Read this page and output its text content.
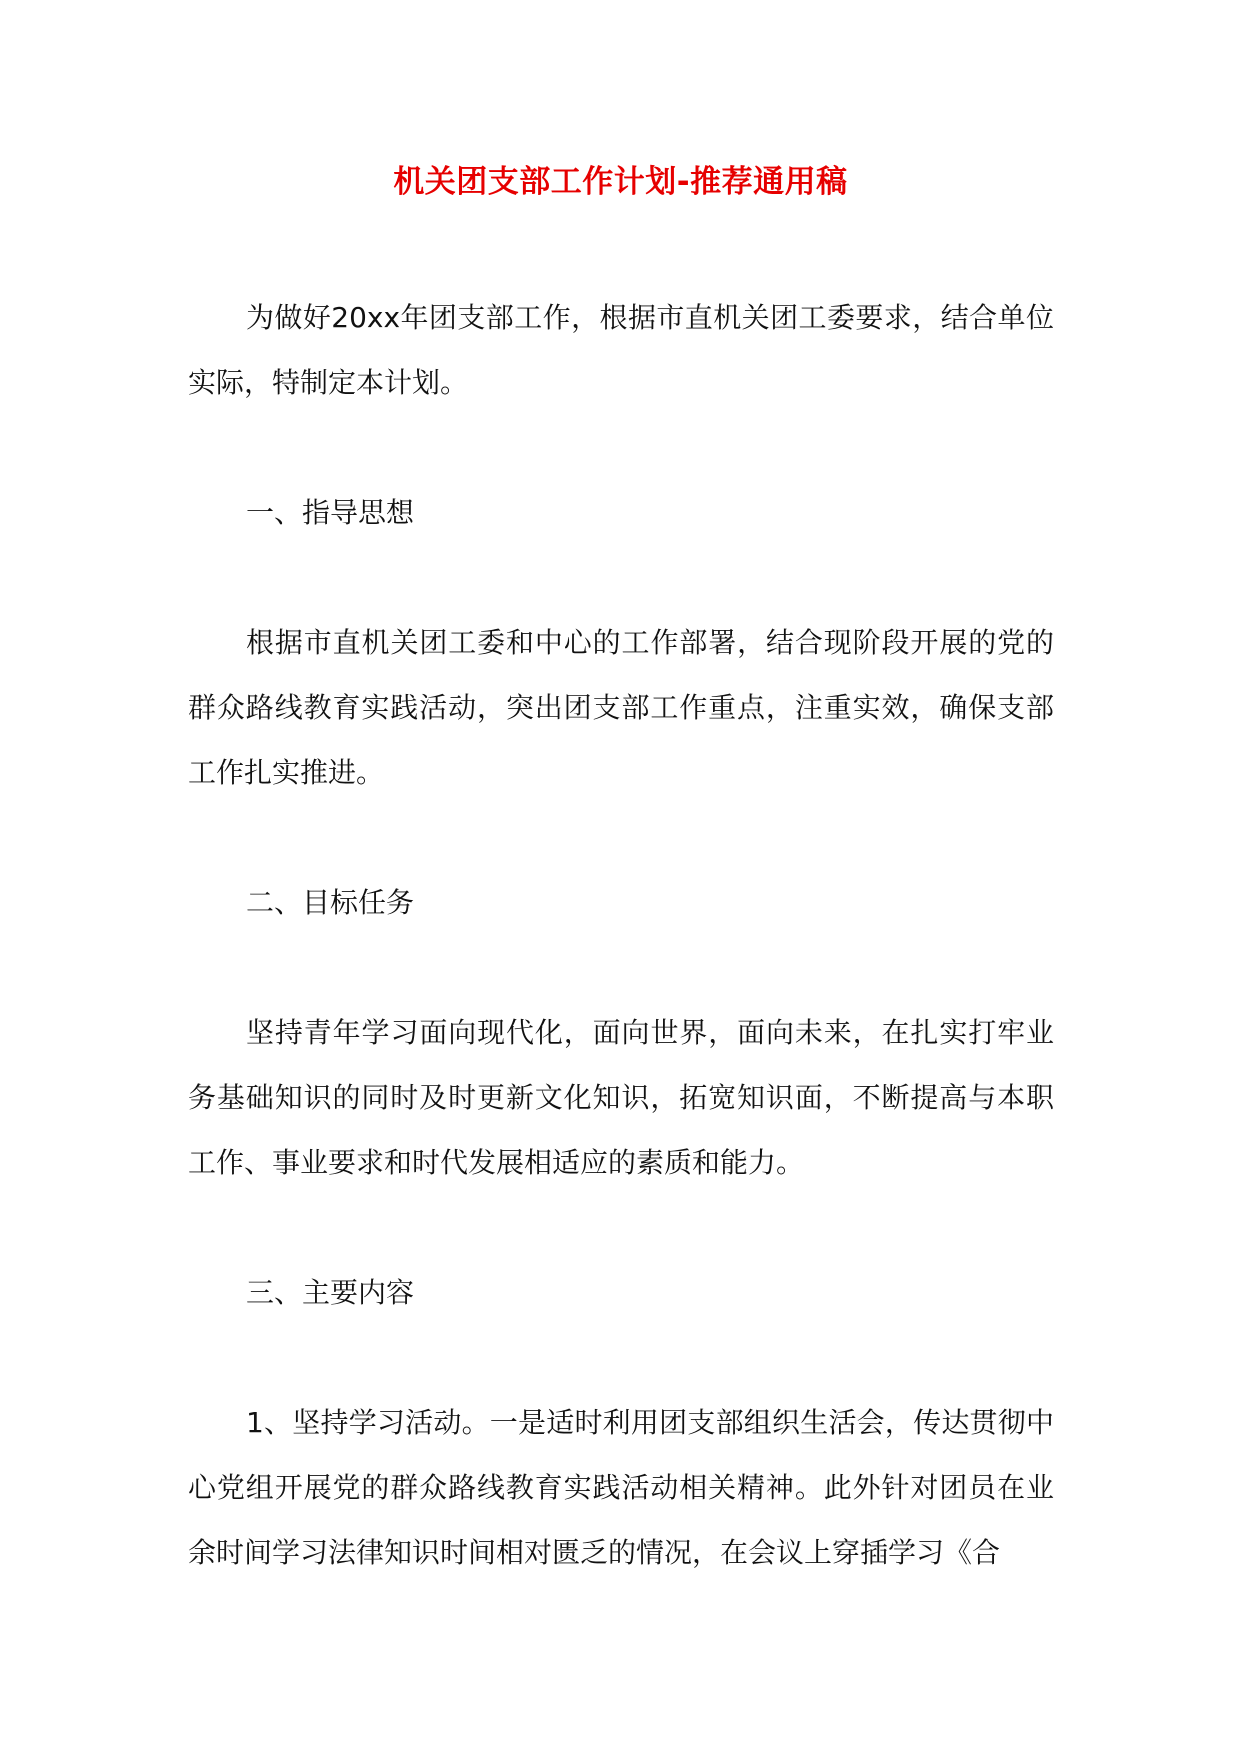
机关团支部工作计划-推荐通用稿

为做好20xx年团支部工作，根据市直机关团工委要求，结合单位实际，特制定本计划。

一、指导思想

根据市直机关团工委和中心的工作部署，结合现阶段开展的党的群众路线教育实践活动，突出团支部工作重点，注重实效，确保支部工作扎实推进。

二、目标任务

坚持青年学习面向现代化，面向世界，面向未来，在扎实打牢业务基础知识的同时及时更新文化知识，拓宽知识面，不断提高与本职工作、事业要求和时代发展相适应的素质和能力。

三、主要内容

1、坚持学习活动。一是适时利用团支部组织生活会，传达贯彻中心党组开展党的群众路线教育实践活动相关精神。此外针对团员在业余时间学习法律知识时间相对匮乏的情况，在会议上穿插学习《合
